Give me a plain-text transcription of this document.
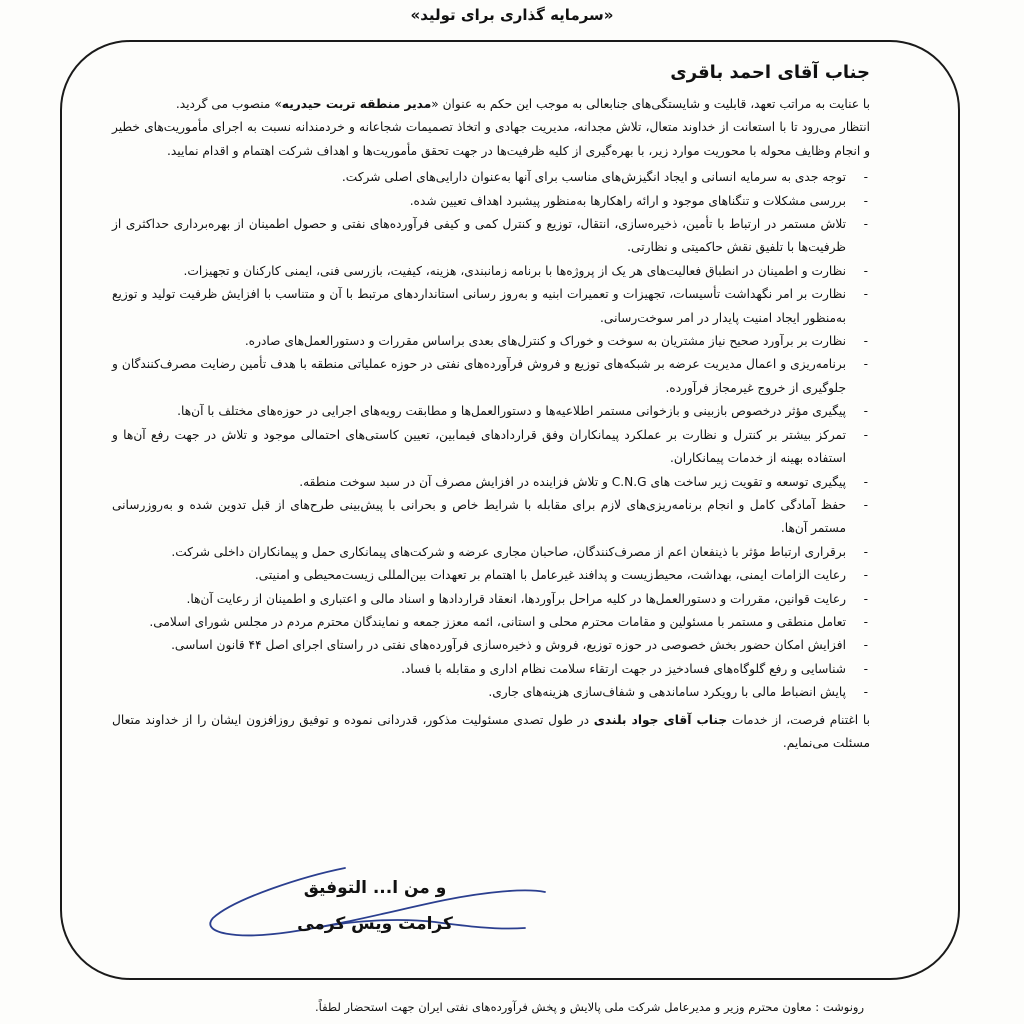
«سرمایه گذاری برای تولید»
جناب آقای احمد باقری

با عنایت به مراتب تعهد، قابلیت و شایستگی‌های جنابعالی به موجب این حکم به عنوان «مدیر منطقه تربت حیدریه» منصوب می گردید.

انتظار می‌رود تا با استعانت از خداوند متعال، تلاش مجدانه، مدیریت جهادی و اتخاذ تصمیمات شجاعانه و خردمندانه نسبت به اجرای مأموریت‌های خطیر و انجام وظایف محوله با محوریت موارد زیر، با بهره‌گیری از کلیه ظرفیت‌ها در جهت تحقق مأموریت‌ها و اهداف شرکت اهتمام و اقدام نمایید.

- توجه جدی به سرمایه انسانی و ایجاد انگیزش‌های مناسب برای آنها به‌عنوان دارایی‌های اصلی شرکت.
- بررسی مشکلات و تنگناهای موجود و ارائه راهکارها به‌منظور پیشبرد اهداف تعیین شده.
- تلاش مستمر در ارتباط با تأمین، ذخیره‌سازی، انتقال، توزیع و کنترل کمی و کیفی فرآورده‌های نفتی و حصول اطمینان از بهره‌برداری حداکثری از ظرفیت‌ها با تلفیق نقش حاکمیتی و نظارتی.
- نظارت و اطمینان در انطباق فعالیت‌های هر یک از پروژه‌ها با برنامه زمانبندی، هزینه، کیفیت، بازرسی فنی، ایمنی کارکنان و تجهیزات.
- نظارت بر امر نگهداشت تأسیسات، تجهیزات و تعمیرات ابنیه و به‌روز رسانی استانداردهای مرتبط با آن و متناسب با افزایش ظرفیت تولید و توزیع به‌منظور ایجاد امنیت پایدار در امر سوخت‌رسانی.
- نظارت بر برآورد صحیح نیاز مشتریان به سوخت و خوراک و کنترل‌های بعدی براساس مقررات و دستورالعمل‌های صادره.
- برنامه‌ریزی و اعمال مدیریت عرضه بر شبکه‌های توزیع و فروش فرآورده‌های نفتی در حوزه عملیاتی منطقه با هدف تأمین رضایت مصرف‌کنندگان و جلوگیری از خروج غیرمجاز فرآورده.
- پیگیری مؤثر درخصوص بازبینی و بازخوانی مستمر اطلاعیه‌ها و دستورالعمل‌ها و مطابقت رویه‌های اجرایی در حوزه‌های مختلف با آن‌ها.
- تمرکز بیشتر بر کنترل و نظارت بر عملکرد پیمانکاران وفق قراردادهای فیمابین، تعیین کاستی‌های احتمالی موجود و تلاش در جهت رفع آن‌ها و استفاده بهینه از خدمات پیمانکاران.
- پیگیری توسعه و تقویت زیر ساخت های C.N.G و تلاش فزاینده در افزایش مصرف آن در سبد سوخت منطقه.
- حفظ آمادگی کامل و انجام برنامه‌ریزی‌های لازم برای مقابله با شرایط خاص و بحرانی با پیش‌بینی طرح‌های از قبل تدوین شده و به‌روزرسانی مستمر آن‌ها.
- برقراری ارتباط مؤثر با ذینفعان اعم از مصرف‌کنندگان، صاحبان مجاری عرضه و شرکت‌های پیمانکاری حمل و پیمانکاران داخلی شرکت.
- رعایت الزامات ایمنی، بهداشت، محیط‌زیست و پدافند غیرعامل با اهتمام بر تعهدات بین‌المللی زیست‌محیطی و امنیتی.
- رعایت قوانین، مقررات و دستورالعمل‌ها در کلیه مراحل برآوردها، انعقاد قراردادها و اسناد مالی و اعتباری و اطمینان از رعایت آن‌ها.
- تعامل منطقی و مستمر با مسئولین و مقامات محترم محلی و استانی، ائمه معزز جمعه و نمایندگان محترم مردم در مجلس شورای اسلامی.
- افزایش امکان حضور بخش خصوصی در حوزه توزیع، فروش و ذخیره‌سازی فرآورده‌های نفتی در راستای اجرای اصل ۴۴ قانون اساسی.
- شناسایی و رفع گلوگاه‌های فسادخیز در جهت ارتقاء سلامت نظام اداری و مقابله با فساد.
- پایش انضباط مالی با رویکرد ساماندهی و شفاف‌سازی هزینه‌های جاری.

با اغتنام فرصت، از خدمات جناب آقای جواد بلندی در طول تصدی مسئولیت مذکور، قدردانی نموده و توفیق روزافزون ایشان را از خداوند متعال مسئلت می‌نمایم.

و من ا... التوفیق
کرامت ویس کرمی
رونوشت : معاون محترم وزیر و مدیرعامل شرکت ملی پالایش و پخش فرآورده‌های نفتی ایران جهت استحضار لطفاً.
